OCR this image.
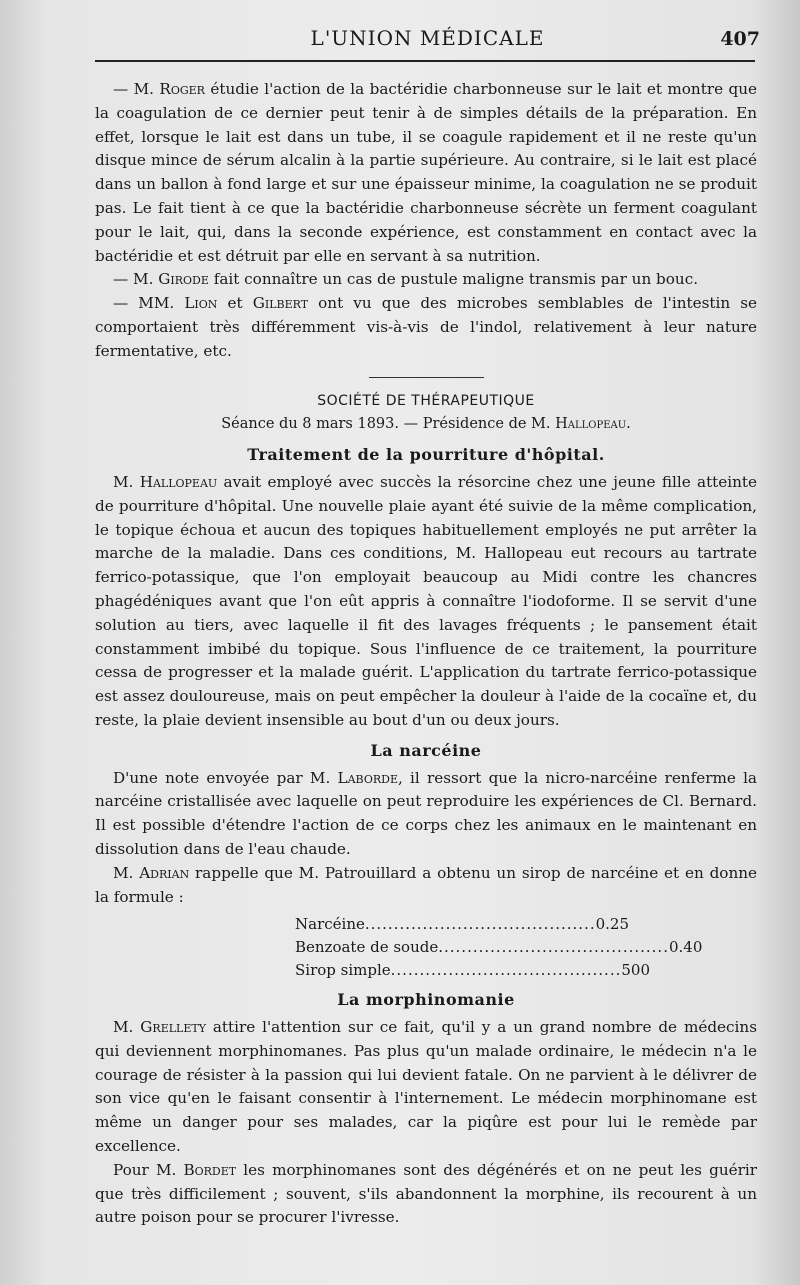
L'UNION MÉDICALE	407

— M. Roger étudie l'action de la bactéridie charbonneuse sur le lait et montre que la coagulation de ce dernier peut tenir à de simples détails de la préparation. En effet, lorsque le lait est dans un tube, il se coagule rapidement et il ne reste qu'un disque mince de sérum alcalin à la partie supérieure. Au contraire, si le lait est placé dans un ballon à fond large et sur une épaisseur minime, la coagulation ne se produit pas. Le fait tient à ce que la bactéridie charbonneuse sécrète un ferment coagulant pour le lait, qui, dans la seconde expérience, est constamment en contact avec la bactéridie et est détruit par elle en servant à sa nutrition.

— M. Girode fait connaître un cas de pustule maligne transmis par un bouc.

— MM. Lion et Gilbert ont vu que des microbes semblables de l'intestin se comportaient très différemment vis-à-vis de l'indol, relativement à leur nature fermentative, etc.

SOCIÉTÉ DE THÉRAPEUTIQUE
Séance du 8 mars 1893. — Présidence de M. Hallopeau.
Traitement de la pourriture d'hôpital.

M. Hallopeau avait employé avec succès la résorcine chez une jeune fille atteinte de pourriture d'hôpital. Une nouvelle plaie ayant été suivie de la même complication, le topique échoua et aucun des topiques habituellement employés ne put arrêter la marche de la maladie. Dans ces conditions, M. Hallopeau eut recours au tartrate ferrico-potassique, que l'on employait beaucoup au Midi contre les chancres phagédéniques avant que l'on eût appris à connaître l'iodoforme. Il se servit d'une solution au tiers, avec laquelle il fit des lavages fréquents ; le pansement était constamment imbibé du topique. Sous l'influence de ce traitement, la pourriture cessa de progresser et la malade guérit. L'application du tartrate ferrico-potassique est assez douloureuse, mais on peut empêcher la douleur à l'aide de la cocaïne et, du reste, la plaie devient insensible au bout d'un ou deux jours.

La narcéine

D'une note envoyée par M. Laborde, il ressort que la nicro-narcéine renferme la narcéine cristallisée avec laquelle on peut reproduire les expériences de Cl. Bernard. Il est possible d'étendre l'action de ce corps chez les animaux en le maintenant en dissolution dans de l'eau chaude.

M. Adrian rappelle que M. Patrouillard a obtenu un sirop de narcéine et en donne la formule :

Narcéine ........................................ 0.25
Benzoate de soude ........................................ 0.40
Sirop simple ........................................ 500
La morphinomanie

M. Grellety attire l'attention sur ce fait, qu'il y a un grand nombre de médecins qui deviennent morphinomanes. Pas plus qu'un malade ordinaire, le médecin n'a le courage de résister à la passion qui lui devient fatale. On ne parvient à le délivrer de son vice qu'en le faisant consentir à l'internement. Le médecin morphinomane est même un danger pour ses malades, car la piqûre est pour lui le remède par excellence.

Pour M. Bordet les morphinomanes sont des dégénérés et on ne peut les guérir que très difficilement ; souvent, s'ils abandonnent la morphine, ils recourent à un autre poison pour se procurer l'ivresse.
